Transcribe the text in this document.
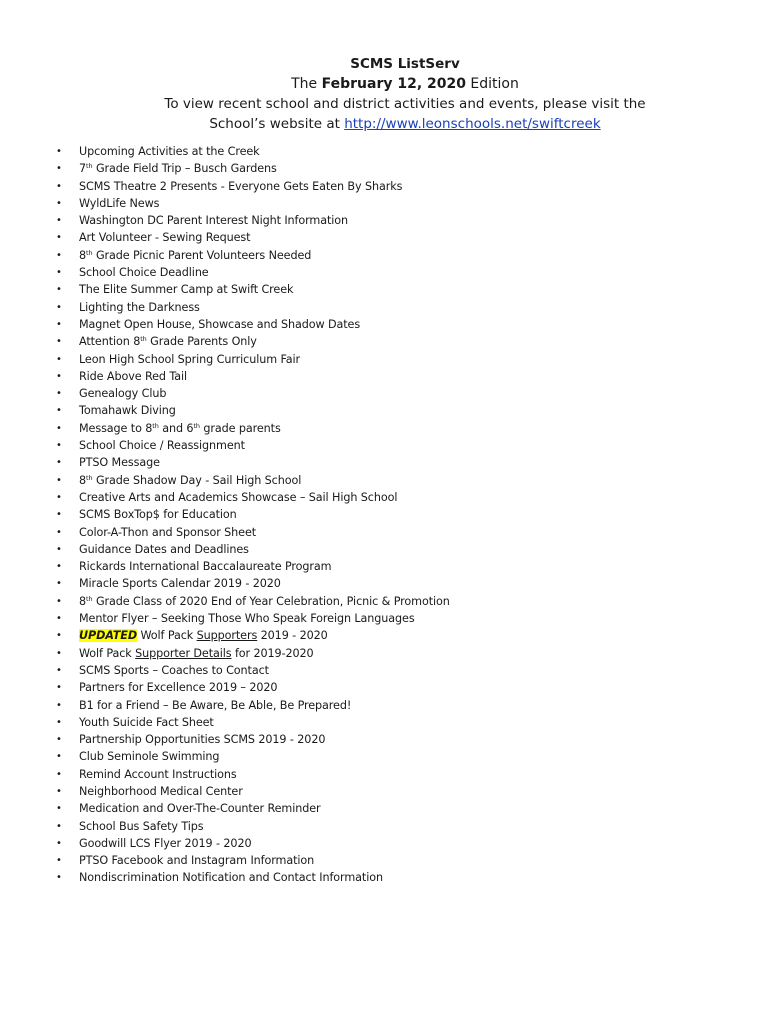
SCMS ListServ
The February 12, 2020 Edition
To view recent school and district activities and events, please visit the
School’s website at http://www.leonschools.net/swiftcreek
• Upcoming Activities at the Creek
• 7th Grade Field Trip – Busch Gardens
• SCMS Theatre 2 Presents - Everyone Gets Eaten By Sharks
• WyldLife News
• Washington DC Parent Interest Night Information
• Art Volunteer - Sewing Request
• 8th Grade Picnic Parent Volunteers Needed
• School Choice Deadline
• The Elite Summer Camp at Swift Creek
• Lighting the Darkness
• Magnet Open House, Showcase and Shadow Dates
• Attention 8th Grade Parents Only
• Leon High School Spring Curriculum Fair
• Ride Above Red Tail
• Genealogy Club
• Tomahawk Diving
• Message to 8th and 6th grade parents
• School Choice / Reassignment
• PTSO Message
• 8th Grade Shadow Day - Sail High School
• Creative Arts and Academics Showcase – Sail High School
• SCMS BoxTop$ for Education
• Color-A-Thon and Sponsor Sheet
• Guidance Dates and Deadlines
• Rickards International Baccalaureate Program
• Miracle Sports Calendar 2019 - 2020
• 8th Grade Class of 2020 End of Year Celebration, Picnic & Promotion
• Mentor Flyer – Seeking Those Who Speak Foreign Languages
• UPDATED Wolf Pack Supporters 2019 - 2020
• Wolf Pack Supporter Details for 2019-2020
• SCMS Sports – Coaches to Contact
• Partners for Excellence 2019 – 2020
• B1 for a Friend – Be Aware, Be Able, Be Prepared!
• Youth Suicide Fact Sheet
• Partnership Opportunities SCMS 2019 - 2020
• Club Seminole Swimming
• Remind Account Instructions
• Neighborhood Medical Center
• Medication and Over-The-Counter Reminder
• School Bus Safety Tips
• Goodwill LCS Flyer 2019 - 2020
• PTSO Facebook and Instagram Information
• Nondiscrimination Notification and Contact Information
